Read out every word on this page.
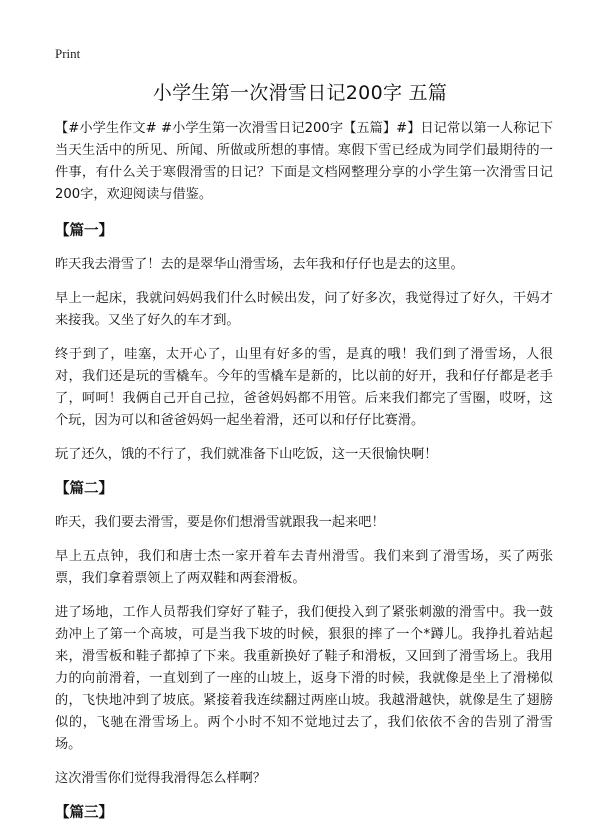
Print
小学生第一次滑雪日记200字 五篇

【#小学生作文# #小学生第一次滑雪日记200字【五篇】#】日记常以第一人称记下当天生活中的所见、所闻、所做或所想的事情。寒假下雪已经成为同学们最期待的一件事，有什么关于寒假滑雪的日记？下面是文档网整理分享的小学生第一次滑雪日记200字，欢迎阅读与借鉴。

【篇一】

昨天我去滑雪了！去的是翠华山滑雪场，去年我和仔仔也是去的这里。

早上一起床，我就问妈妈我们什么时候出发，问了好多次，我觉得过了好久，干妈才来接我。又坐了好久的车才到。

终于到了，哇塞，太开心了，山里有好多的雪，是真的哦！我们到了滑雪场，人很对，我们还是玩的雪橇车。今年的雪橇车是新的，比以前的好开，我和仔仔都是老手了，呵呵！我俩自己开自己拉，爸爸妈妈都不用管。后来我们都完了雪圈，哎呀，这个玩，因为可以和爸爸妈妈一起坐着滑，还可以和仔仔比赛滑。

玩了还久，饿的不行了，我们就准备下山吃饭，这一天很愉快啊！

【篇二】

昨天，我们要去滑雪，要是你们想滑雪就跟我一起来吧！

早上五点钟，我们和唐士杰一家开着车去青州滑雪。我们来到了滑雪场，买了两张票，我们拿着票领上了两双鞋和两套滑板。

进了场地，工作人员帮我们穿好了鞋子，我们便投入到了紧张刺激的滑雪中。我一鼓劲冲上了第一个高坡，可是当我下坡的时候，狠狠的摔了一个*蹲儿。我挣扎着站起来，滑雪板和鞋子都掉了下来。我重新换好了鞋子和滑板，又回到了滑雪场上。我用力的向前滑着，一直划到了一座的山坡上，返身下滑的时候，我就像是坐上了滑梯似的，飞快地冲到了坡底。紧接着我连续翻过两座山坡。我越滑越快，就像是生了翅膀似的，飞驰在滑雪场上。两个小时不知不觉地过去了，我们依依不舍的告别了滑雪场。

这次滑雪你们觉得我滑得怎么样啊？

【篇三】
